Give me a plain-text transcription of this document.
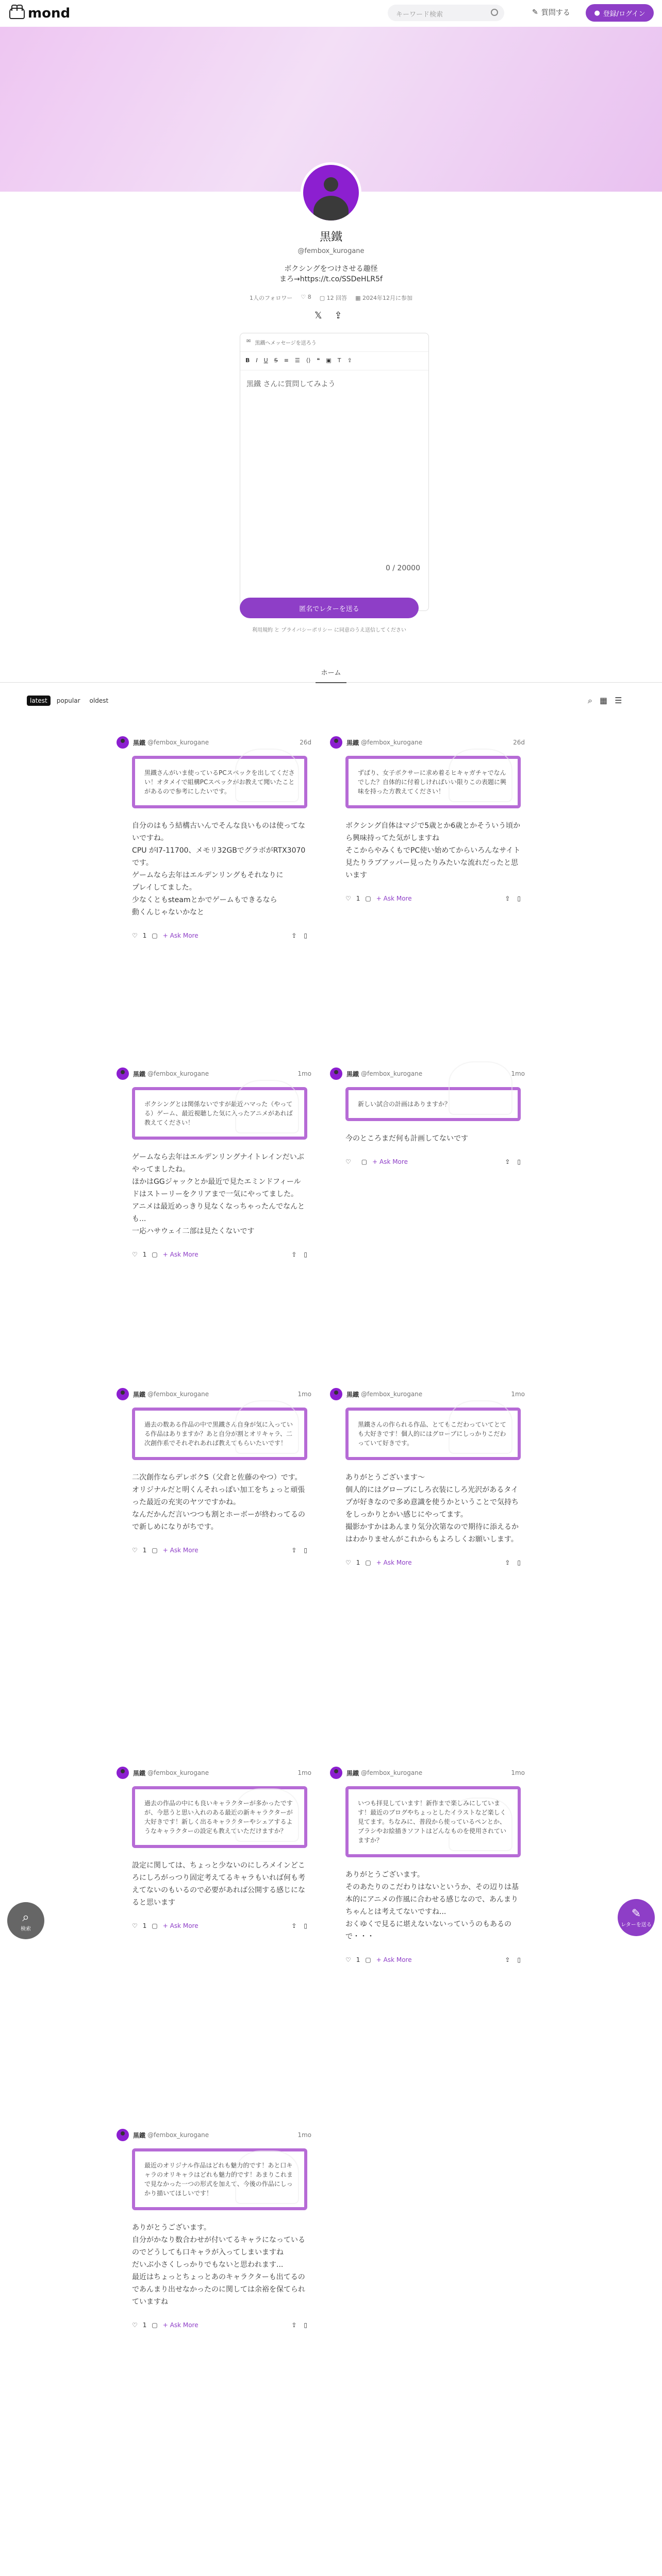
mond	キーワード検索	✎ 質問する	● 登録/ログイン
黒鐵
@fembox_kurogane
ボクシングをつけさせる趣怪
まろ→https://t.co/SSDeHLR5f
1人のフォロワー ♡ 8 ▢ 12 回答 ▦ 2024年12月に参加
𝕏 ⇪
✉ 黒鐵へメッセージを送ろう
B I U S ≡ ☰ ⟨⟩ ❝ ▣ T ⇪
黒鐵 さんに質問してみよう
0 / 20000
匿名でレターを送る
利用規約 と プライバシーポリシー に同意のうえ送信してください
ホーム
latest	popular	oldest	⌕ ▦ ☰
黒鐵 @fembox_kurogane	26d
黒鐵さんがいま使っているPCスペックを出してください！オタメイで組構PCスペックがお教えて聞いたことがあるので参考にしたいです。
自分のはもう結構古いんでそんな良いものは使ってないですね。
CPU がI7-11700、メモリ32GBでグラボがRTX3070です。
ゲームなら去年はエルデンリングもそれなりに
プレイしてました。
少なくともsteamとかでゲームもできるなら
動くんじゃないかなと
♡ 1 ▢ + Ask More	⇪ ▯
黒鐵 @fembox_kurogane	26d
ずばり、女子ボクサーに求め着るヒキャガチャでなんでした？自体的に付着しければいい限りこの表題に興味を持った方教えてください！
ボクシング自体はマジで5歳とか6歳とかそういう頃から興味持ってた気がしますね
そこからやみくもでPC使い始めてからいろんなサイト見たりラブアッパー見ったりみたいな流れだったと思います
♡ 1 ▢ + Ask More	⇪ ▯
黒鐵 @fembox_kurogane	1mo
ボクシングとは関係ないですが最近ハマった（やってる）ゲーム、最近視聴した気に入ったアニメがあれば教えてください！
ゲームなら去年はエルデンリングナイトレインだいぶやってましたね。
ほかはGGジャックとか最近で見たエミンドフィールドはストーリーをクリアまで一気にやってました。
アニメは最近めっきり見なくなっちゃったんでなんとも...
一応ハサウェイ二部は見たくないです
♡ 1 ▢ + Ask More	⇪ ▯
黒鐵 @fembox_kurogane	1mo
新しい試合の計画はありますか？
今のところまだ何も計画してないです
♡ ▢ + Ask More	⇪ ▯
黒鐵 @fembox_kurogane	1mo
過去の数ある作品の中で黒鐵さん自身が気に入っている作品はありますか？あと自分が割とオリキャラ、二次創作系でそれぞれあれば教えてもらいたいです！
二次創作ならデレボクS（父倉と佐藤のやつ）です。
オリジナルだと明くんそれっぽい加工をちょっと頑張った最近の充実のヤツですかね。
なんだかんだ言いつつも割とホーボーが終わってるので新しめになりがちです。
♡ 1 ▢ + Ask More	⇪ ▯
黒鐵 @fembox_kurogane	1mo
黒鐵さんの作られる作品、とてもこだわっていてとても大好きです！個人的にはグローブにしっかりこだわっていて好きです。
ありがとうございます〜
個人的にはグローブにしろ衣装にしろ光沢があるタイプが好きなので多め意識を使うかということで気持ちをしっかりとかい感じにやってます。
撮影かすかはあんまり気分次第なので期待に添えるかはわかりませんがこれからもよろしくお願いします。
♡ 1 ▢ + Ask More	⇪ ▯
黒鐵 @fembox_kurogane	1mo
過去の作品の中にも良いキャラクターが多かったですが、今思うと思い入れのある最近の新キャラクターが大好きです！新しく出るキャラクターやシェアするようなキャラクターの設定も教えていただけますか？
設定に関しては、ちょっと少ないのにしろメインどころにしろがっつり固定考えてるキャラもいれば何も考えてないのもいるので必要があれば公開する感じになると思います
♡ 1 ▢ + Ask More	⇪ ▯
黒鐵 @fembox_kurogane	1mo
いつも拝見しています！新作まで楽しみにしています！最近のブログやちょっとしたイラストなど楽しく見てます。ちなみに、普段から使っているペンとか、ブラシやお絵描きソフトはどんなものを使用されていますか？
ありがとうございます。
そのあたりのこだわりはないというか、その辺りは基本的にアニメの作風に合わせる感じなので、あんまりちゃんとは考えてないですね...
おくゆくで見るに堪えないないっていうのもあるので・・・
♡ 1 ▢ + Ask More	⇪ ▯
黒鐵 @fembox_kurogane	1mo
最近のオリジナル作品はどれも魅力的です！あと口キャラのオリキャラはどれも魅力的です！あまりこれまで見なかった一つの形式を加えて、今後の作品にしっかり描いてほしいです！
ありがとうございます。
自分がかなり数合わせが付いてるキャラになっているのでどうしても口キャラが入ってしまいますね
だいぶ小さくしっかりでもないと思われます...
最近はちょっとちょっとあのキャラクターも出てるのであんまり出せなかったのに関しては余裕を保てられていますね
♡ 1 ▢ + Ask More	⇪ ▯
⌕
検索
✎
レターを送る
